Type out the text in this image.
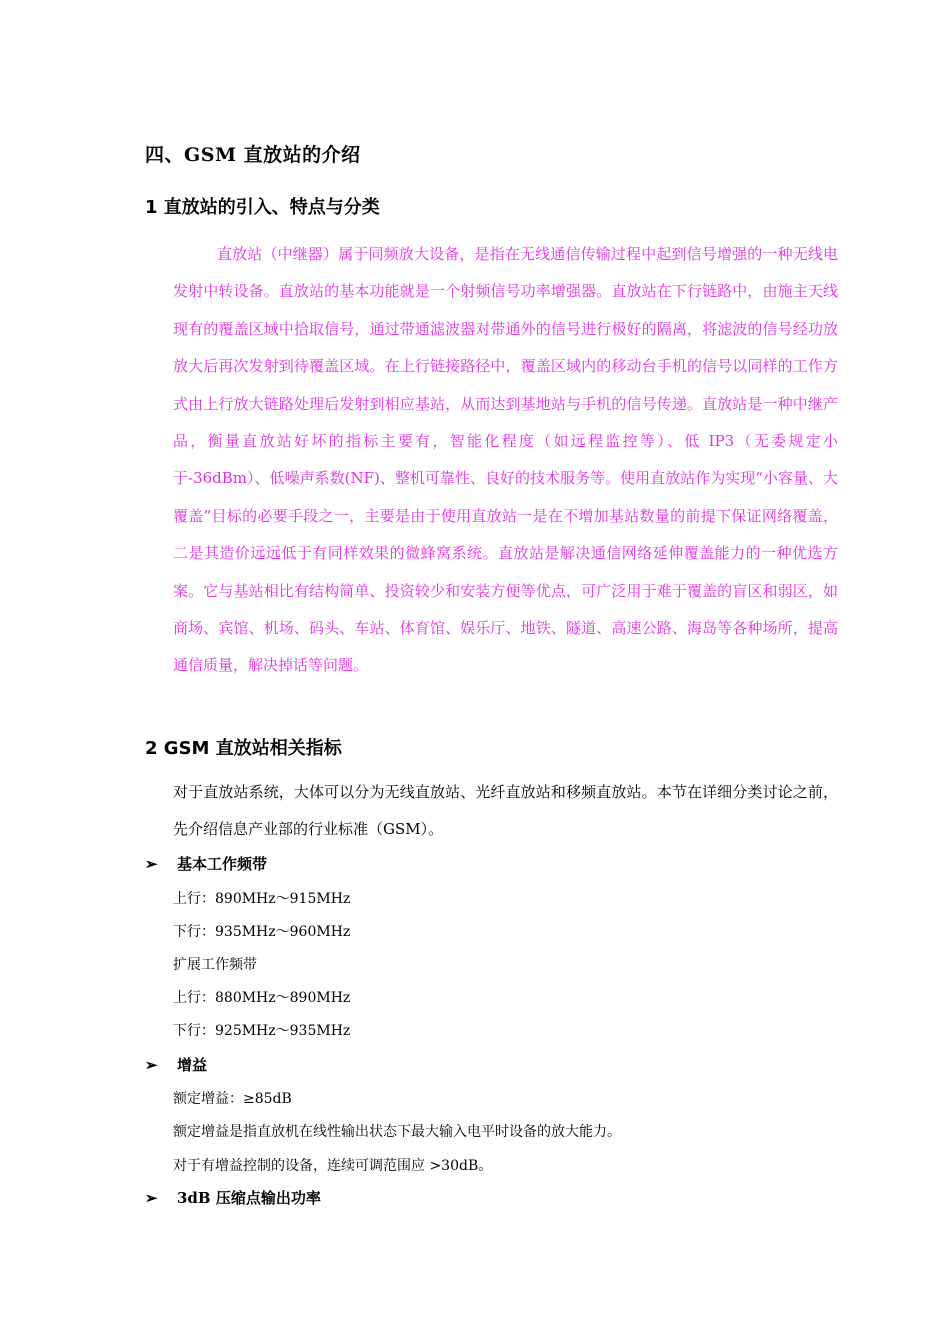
四、GSM 直放站的介绍
1 直放站的引入、特点与分类
直放站（中继器）属于同频放大设备，是指在无线通信传输过程中起到信号增强的一种无线电发射中转设备。直放站的基本功能就是一个射频信号功率增强器。直放站在下行链路中，由施主天线现有的覆盖区域中拾取信号，通过带通滤波器对带通外的信号进行极好的隔离，将滤波的信号经功放放大后再次发射到待覆盖区域。在上行链接路径中，覆盖区域内的移动台手机的信号以同样的工作方式由上行放大链路处理后发射到相应基站，从而达到基地站与手机的信号传递。直放站是一种中继产品，衡量直放站好坏的指标主要有，智能化程度（如远程监控等）、低 IP3（无委规定小于-36dBm）、低噪声系数(NF)、整机可靠性、良好的技术服务等。使用直放站作为实现“小容量、大覆盖”目标的必要手段之一，主要是由于使用直放站一是在不增加基站数量的前提下保证网络覆盖，二是其造价远远低于有同样效果的微蜂窝系统。直放站是解决通信网络延伸覆盖能力的一种优选方案。它与基站相比有结构简单、投资较少和安装方便等优点，可广泛用于难于覆盖的盲区和弱区，如商场、宾馆、机场、码头、车站、体育馆、娱乐厅、地铁、隧道、高速公路、海岛等各种场所，提高通信质量，解决掉话等问题。
2 GSM 直放站相关指标
对于直放站系统，大体可以分为无线直放站、光纤直放站和移频直放站。本节在详细分类讨论之前，先介绍信息产业部的行业标准（GSM）。
➢ 基本工作频带
上行：890MHz～915MHz
下行：935MHz～960MHz
扩展工作频带
上行：880MHz～890MHz
下行：925MHz～935MHz
➢ 增益
额定增益：≥85dB
额定增益是指直放机在线性输出状态下最大输入电平时设备的放大能力。
对于有增益控制的设备，连续可调范围应 >30dB。
➢ 3dB 压缩点输出功率
